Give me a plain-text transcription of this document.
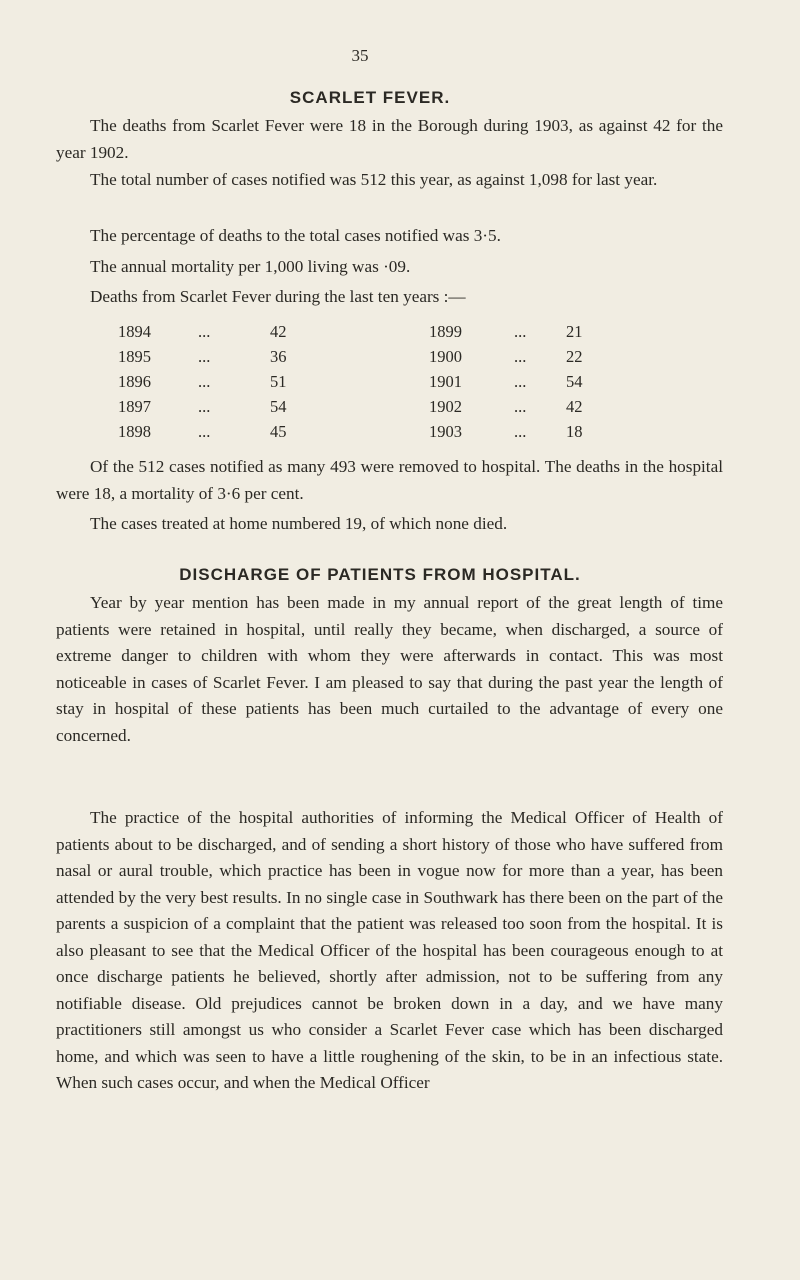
35
SCARLET FEVER.

The deaths from Scarlet Fever were 18 in the Borough during 1903, as against 42 for the year 1902.

The total number of cases notified was 512 this year, as against 1,098 for last year.

The percentage of deaths to the total cases notified was 3·5.

The annual mortality per 1,000 living was ·09.

Deaths from Scarlet Fever during the last ten years :—

1894	...	42	1899	... 21
1895	...	36	1900	... 22
1896	...	51	1901	... 54
1897	...	54	1902	... 42
1898	...	45	1903	... 18

Of the 512 cases notified as many 493 were removed to hospital. The deaths in the hospital were 18, a mortality of 3·6 per cent.

The cases treated at home numbered 19, of which none died.

DISCHARGE OF PATIENTS FROM HOSPITAL.

Year by year mention has been made in my annual report of the great length of time patients were retained in hospital, until really they became, when discharged, a source of extreme danger to children with whom they were afterwards in contact. This was most noticeable in cases of Scarlet Fever. I am pleased to say that during the past year the length of stay in hospital of these patients has been much curtailed to the advantage of every one concerned.

The practice of the hospital authorities of informing the Medical Officer of Health of patients about to be discharged, and of sending a short history of those who have suffered from nasal or aural trouble, which practice has been in vogue now for more than a year, has been attended by the very best results. In no single case in Southwark has there been on the part of the parents a suspicion of a complaint that the patient was released too soon from the hospital. It is also pleasant to see that the Medical Officer of the hospital has been courageous enough to at once discharge patients he believed, shortly after admission, not to be suffering from any notifiable disease. Old prejudices cannot be broken down in a day, and we have many practitioners still amongst us who consider a Scarlet Fever case which has been discharged home, and which was seen to have a little roughening of the skin, to be in an infectious state. When such cases occur, and when the Medical Officer
